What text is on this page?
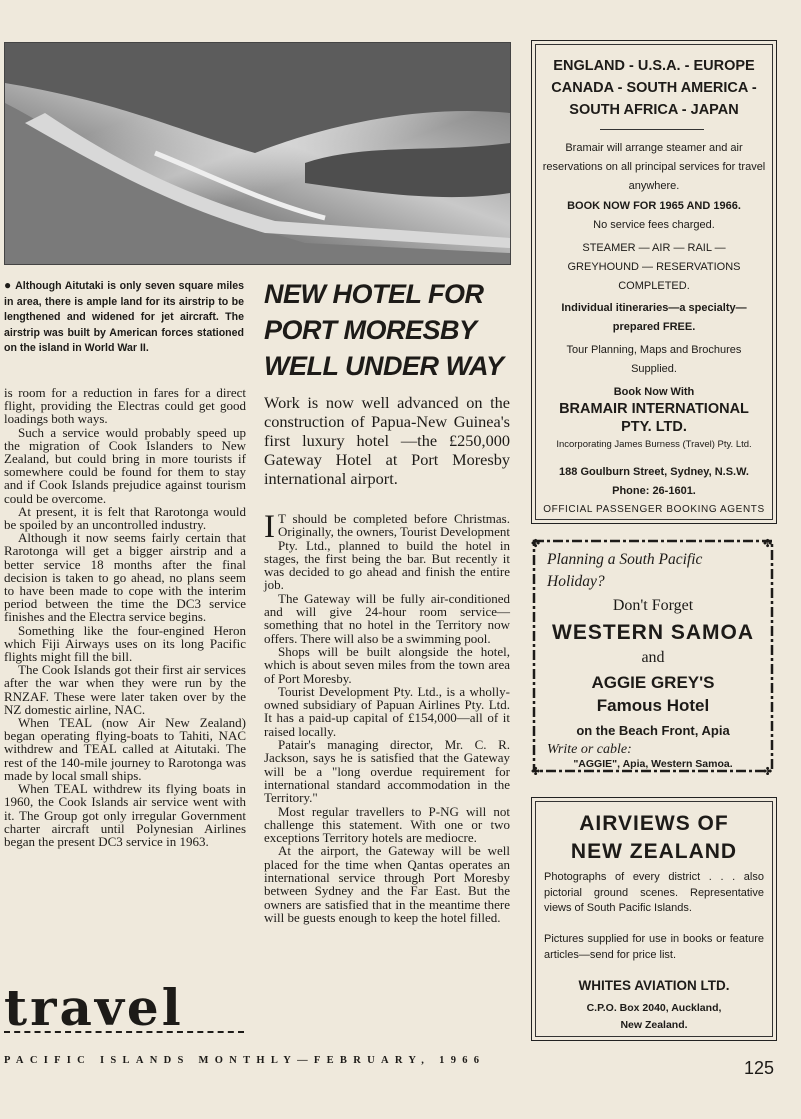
● Although Aitutaki is only seven square miles in area, there is ample land for its airstrip to be lengthened and widened for jet aircraft. The airstrip was built by American forces stationed on the island in World War II.
NEW HOTEL FOR
PORT MORESBY
WELL UNDER WAY
Work is now well advanced on the construction of Papua-New Guinea's first luxury hotel —the £250,000 Gateway Hotel at Port Moresby international airport.

is room for a reduction in fares for a direct flight, providing the Electras could get good loadings both ways.

Such a service would probably speed up the migration of Cook Islanders to New Zealand, but could bring in more tourists if somewhere could be found for them to stay and if Cook Islands prejudice against tourism could be overcome.

At present, it is felt that Rarotonga would be spoiled by an uncontrolled industry.

Although it now seems fairly certain that Rarotonga will get a bigger airstrip and a better service 18 months after the final decision is taken to go ahead, no plans seem to have been made to cope with the interim period between the time the DC3 service finishes and the Electra service begins.

Something like the four-engined Heron which Fiji Airways uses on its long Pacific flights might fill the bill.

The Cook Islands got their first air services after the war when they were run by the RNZAF. These were later taken over by the NZ domestic airline, NAC.

When TEAL (now Air New Zealand) began operating flying-boats to Tahiti, NAC withdrew and TEAL called at Aitutaki. The rest of the 140-mile journey to Rarotonga was made by local small ships.

When TEAL withdrew its flying boats in 1960, the Cook Islands air service went with it. The Group got only irregular Government charter aircraft until Polynesian Airlines began the present DC3 service in 1963.

I T should be completed before Christmas. Originally, the owners, Tourist Development Pty. Ltd., planned to build the hotel in stages, the first being the bar. But recently it was decided to go ahead and finish the entire job.

The Gateway will be fully air-conditioned and will give 24-hour room service—something that no hotel in the Territory now offers. There will also be a swimming pool.

Shops will be built alongside the hotel, which is about seven miles from the town area of Port Moresby.

Tourist Development Pty. Ltd., is a wholly-owned subsidiary of Papuan Airlines Pty. Ltd. It has a paid-up capital of £154,000—all of it raised locally.

Patair's managing director, Mr. C. R. Jackson, says he is satisfied that the Gateway will be a "long overdue requirement for international standard accommodation in the Territory."

Most regular travellers to P-NG will not challenge this statement. With one or two exceptions Territory hotels are mediocre.

At the airport, the Gateway will be well placed for the time when Qantas operates an international service through Port Moresby between Sydney and the Far East. But the owners are satisfied that in the meantime there will be guests enough to keep the hotel filled.

travel
PACIFIC ISLANDS MONTHLY—FEBRUARY, 1966	125
ENGLAND - U.S.A. - EUROPE
CANADA - SOUTH AMERICA -
SOUTH AFRICA - JAPAN
Bramair will arrange steamer and air reservations on all principal services for travel anywhere.
BOOK NOW FOR 1965 AND 1966.
No service fees charged.
STEAMER — AIR — RAIL — GREYHOUND — RESERVATIONS COMPLETED.
Individual itineraries—a specialty—prepared FREE.
Tour Planning, Maps and Brochures Supplied.
Book Now With
BRAMAIR INTERNATIONAL PTY. LTD.
Incorporating James Burness (Travel) Pty. Ltd.
188 Goulburn Street, Sydney, N.S.W.
Phone: 26-1601.
OFFICIAL PASSENGER BOOKING AGENTS
✤	✤
✤	✤
Planning a South Pacific Holiday?
Don't Forget
WESTERN SAMOA
and
AGGIE GREY'S
Famous Hotel
on the Beach Front, Apia
Write or cable:
"AGGIE", Apia, Western Samoa.
AIRVIEWS OF
NEW ZEALAND
Photographs of every district . . . also pictorial ground scenes. Representative views of South Pacific Islands.
Pictures supplied for use in books or feature articles—send for price list.
WHITES AVIATION LTD.
C.P.O. Box 2040, Auckland,
New Zealand.
